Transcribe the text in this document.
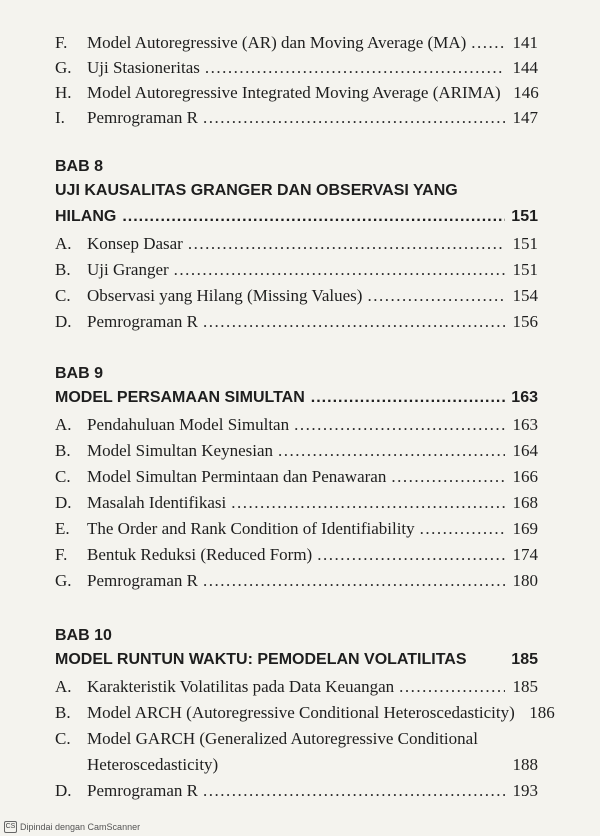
F.	Model Autoregressive (AR) dan Moving Average (MA) .....	141
G. Uji Stasioneritas .....	144
H. Model Autoregressive Integrated Moving Average (ARIMA) 146
I.	Pemrograman R .....	147
BAB 8
UJI KAUSALITAS GRANGER DAN OBSERVASI YANG
HILANG .....	151
A. Konsep Dasar .....	151
B. Uji Granger .....	151
C. Observasi yang Hilang (Missing Values) .....	154
D. Pemrograman R .....	156
BAB 9
MODEL PERSAMAAN SIMULTAN .....	163
A. Pendahuluan Model Simultan .....	163
B. Model Simultan Keynesian .....	164
C. Model Simultan Permintaan dan Penawaran .....	166
D. Masalah Identifikasi .....	168
E.	The Order and Rank Condition of Identifiability .....	169
F.	Bentuk Reduksi (Reduced Form) .....	174
G. Pemrograman R .....	180
BAB 10
MODEL RUNTUN WAKTU: PEMODELAN VOLATILITAS	185
A. Karakteristik Volatilitas pada Data Keuangan .....	185
B. Model ARCH (Autoregressive Conditional Heteroscedasticity) 186
C. Model GARCH (Generalized Autoregressive Conditional
Heteroscedasticity)	188
D. Pemrograman R .....	193
CS Dipindai dengan CamScanner
